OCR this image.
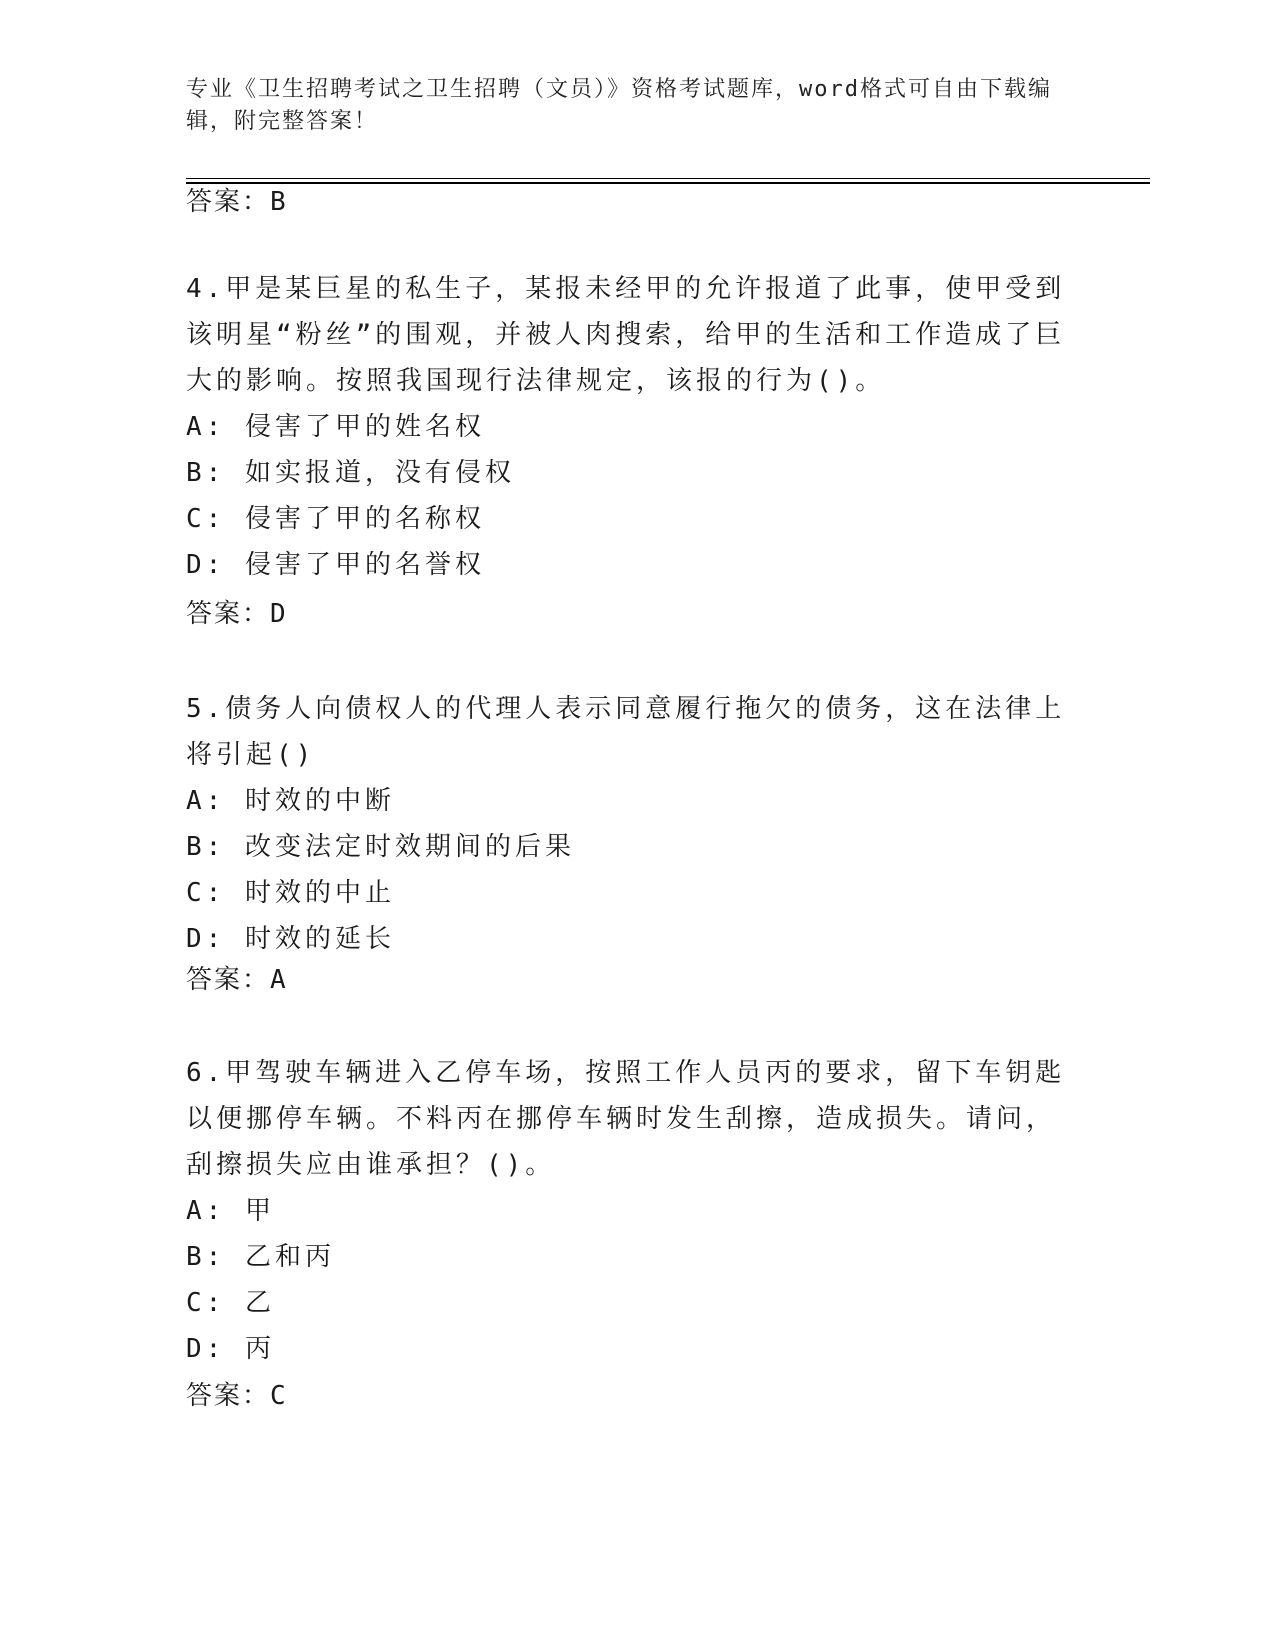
专业《卫生招聘考试之卫生招聘（文员）》资格考试题库，word格式可自由下载编辑，附完整答案！
答案：B

4.甲是某巨星的私生子，某报未经甲的允许报道了此事，使甲受到该明星“粉丝”的围观，并被人肉搜索，给甲的生活和工作造成了巨大的影响。按照我国现行法律规定，该报的行为()。

A: 侵害了甲的姓名权

B: 如实报道，没有侵权

C: 侵害了甲的名称权

D: 侵害了甲的名誉权

答案：D

5.债务人向债权人的代理人表示同意履行拖欠的债务，这在法律上将引起()

A: 时效的中断

B: 改变法定时效期间的后果

C: 时效的中止

D: 时效的延长

答案：A

6.甲驾驶车辆进入乙停车场，按照工作人员丙的要求，留下车钥匙以便挪停车辆。不料丙在挪停车辆时发生刮擦，造成损失。请问，刮擦损失应由谁承担？()。

A: 甲

B: 乙和丙

C: 乙

D: 丙

答案：C
